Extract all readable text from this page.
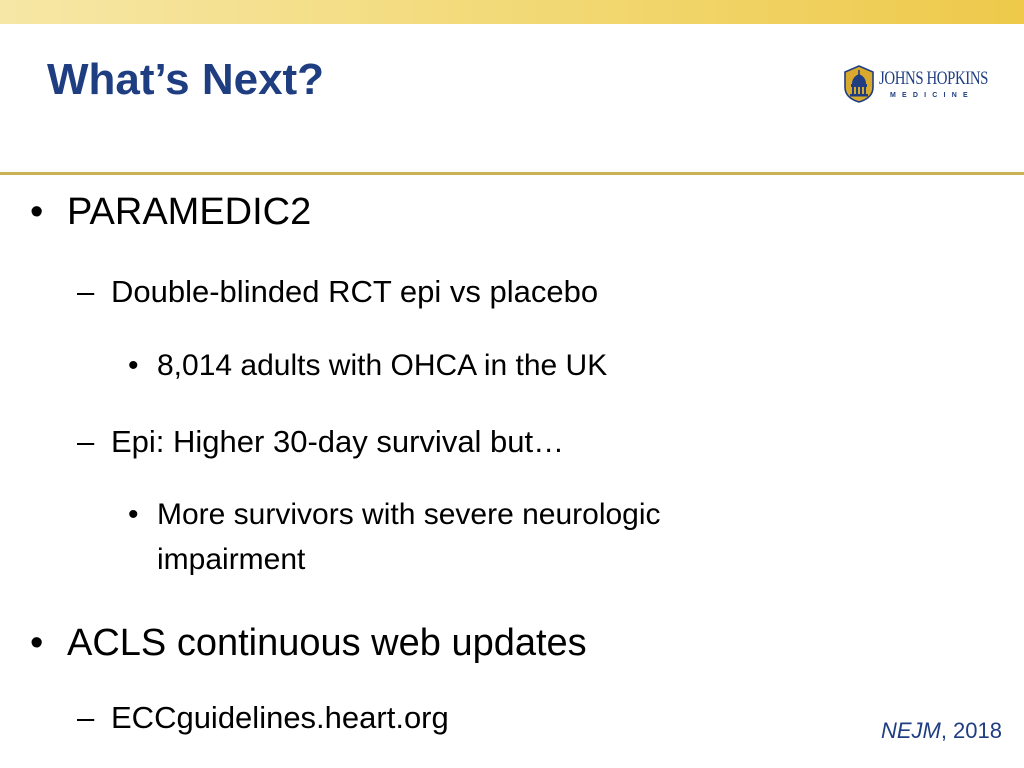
What’s Next?	JOHNS HOPKINS
MEDICINE
• PARAMEDIC2
– Double-blinded RCT epi vs placebo
• 8,014 adults with OHCA in the UK
– Epi: Higher 30-day survival but…
• More survivors with severe neurologic
impairment
• ACLS continuous web updates
– ECCguidelines.heart.org	NEJM, 2018
